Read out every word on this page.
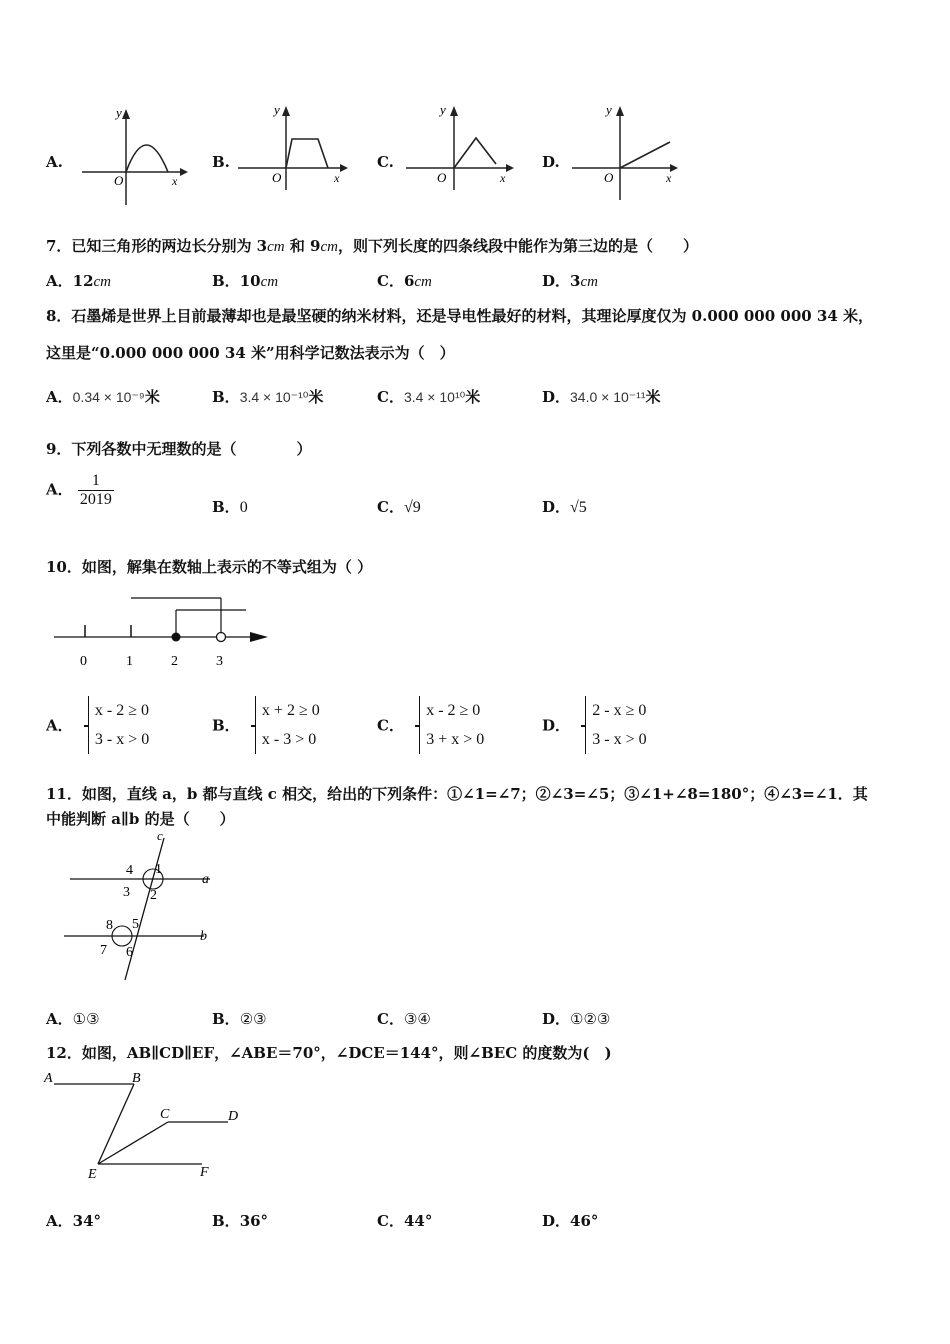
A.
y
x
O
B.
y
x
O
C.
y
x
O
D.
y
x
O
7．已知三角形的两边长分别为 3cm 和 9cm，则下列长度的四条线段中能作为第三边的是（　　）
A．12cm	B．10cm	C．6cm	D．3cm
8．石墨烯是世界上目前最薄却也是最坚硬的纳米材料，还是导电性最好的材料，其理论厚度仅为 0.000 000 000 34 米，
这里是“0.000 000 000 34 米”用科学记数法表示为（　）
A．0.34 × 10⁻⁹米	B．3.4 × 10⁻¹⁰米	C．3.4 × 10¹⁰米	D．34.0 × 10⁻¹¹米
9．下列各数中无理数的是（　　　　）
A． $\frac{1}{2019}$	B．0	C．√9	D．√5
10．如图，解集在数轴上表示的不等式组为（ ）
0	1	2	3
A．
x - 2 ≥ 0
3 - x > 0
B．
x + 2 ≥ 0
x - 3 > 0
C．
x - 2 ≥ 0
3 + x > 0
D．
2 - x ≥ 0
3 - x > 0
11．如图，直线 a，b 都与直线 c 相交，给出的下列条件：①∠1=∠7；②∠3=∠5；③∠1+∠8=180°；④∠3=∠1．其
中能判断 a∥b 的是（　　）
c
a
b
1
2
3
4
5
6
7
8
A．①③	B．②③	C．③④	D．①②③
12．如图，AB∥CD∥EF，∠ABE＝70°，∠DCE＝144°，则∠BEC 的度数为(　)
A	B
C	D
E	F
A．34°	B．36°	C．44°	D．46°
